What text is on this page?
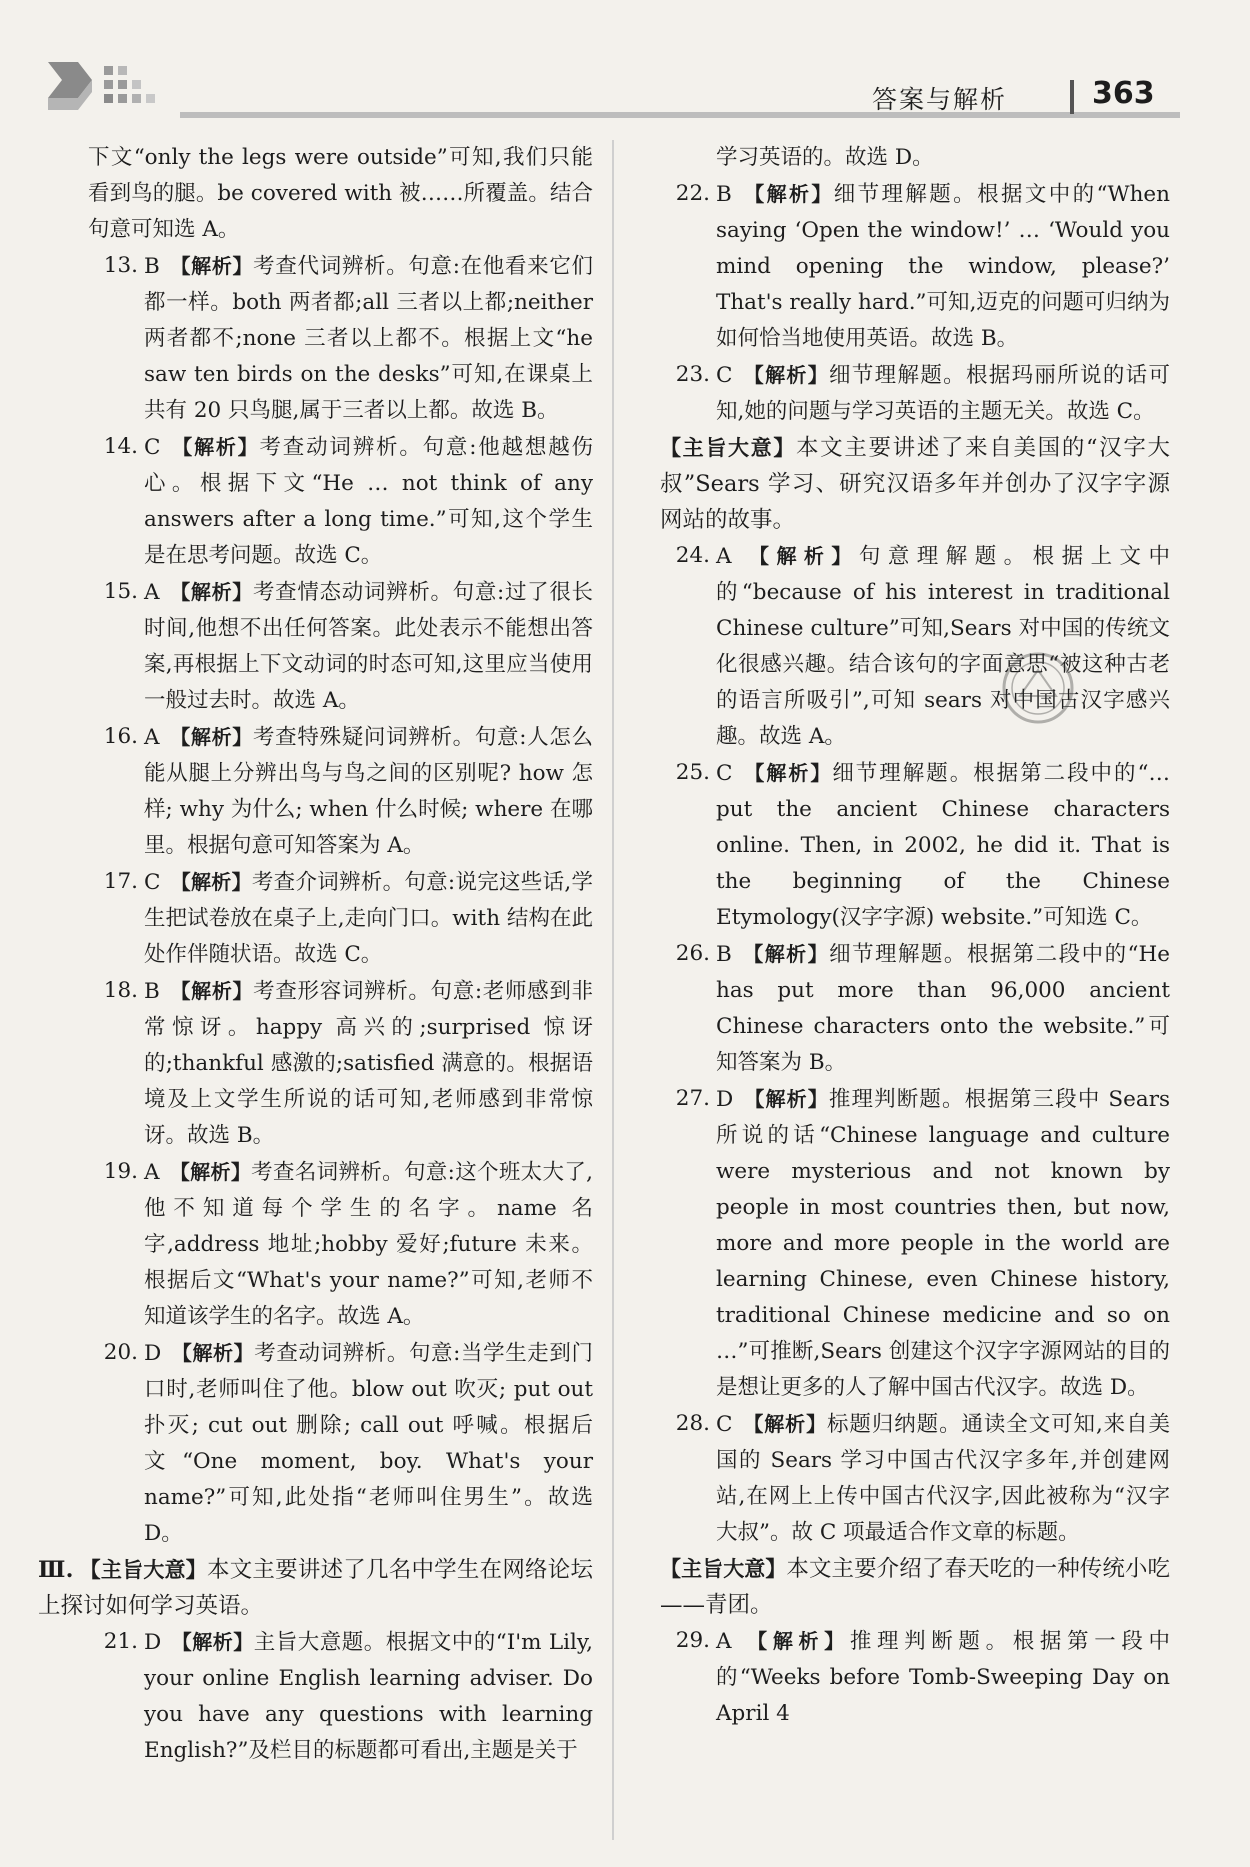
答案与解析	363

下文“only the legs were outside”可知,我们只能看到鸟的腿。be covered with 被……所覆盖。结合句意可知选 A。

13. B 【解析】考查代词辨析。句意:在他看来它们都一样。both 两者都;all 三者以上都;neither 两者都不;none 三者以上都不。根据上文“he saw ten birds on the desks”可知,在课桌上共有 20 只鸟腿,属于三者以上都。故选 B。

14. C 【解析】考查动词辨析。句意:他越想越伤心。根据下文“He … not think of any answers after a long time.”可知,这个学生是在思考问题。故选 C。

15. A 【解析】考查情态动词辨析。句意:过了很长时间,他想不出任何答案。此处表示不能想出答案,再根据上下文动词的时态可知,这里应当使用一般过去时。故选 A。

16. A 【解析】考查特殊疑问词辨析。句意:人怎么能从腿上分辨出鸟与鸟之间的区别呢? how 怎样; why 为什么; when 什么时候; where 在哪里。根据句意可知答案为 A。

17. C 【解析】考查介词辨析。句意:说完这些话,学生把试卷放在桌子上,走向门口。with 结构在此处作伴随状语。故选 C。

18. B 【解析】考查形容词辨析。句意:老师感到非常惊讶。happy 高兴的;surprised 惊讶的;thankful 感激的;satisfied 满意的。根据语境及上文学生所说的话可知,老师感到非常惊讶。故选 B。

19. A 【解析】考查名词辨析。句意:这个班太大了,他不知道每个学生的名字。name 名字,address 地址;hobby 爱好;future 未来。根据后文“What's your name?”可知,老师不知道该学生的名字。故选 A。

20. D 【解析】考查动词辨析。句意:当学生走到门口时,老师叫住了他。blow out 吹灭; put out 扑灭; cut out 删除; call out 呼喊。根据后文“One moment, boy. What's your name?”可知,此处指“老师叫住男生”。故选 D。

Ⅲ. 【主旨大意】本文主要讲述了几名中学生在网络论坛上探讨如何学习英语。

21. D 【解析】主旨大意题。根据文中的“I'm Lily, your online English learning adviser. Do you have any questions with learning English?”及栏目的标题都可看出,主题是关于

学习英语的。故选 D。

22. B 【解析】细节理解题。根据文中的“When saying ‘Open the window!’ … ‘Would you mind opening the window, please?’ That's really hard.”可知,迈克的问题可归纳为如何恰当地使用英语。故选 B。

23. C 【解析】细节理解题。根据玛丽所说的话可知,她的问题与学习英语的主题无关。故选 C。

【主旨大意】本文主要讲述了来自美国的“汉字大叔”Sears 学习、研究汉语多年并创办了汉字字源网站的故事。

24. A 【解析】句意理解题。根据上文中的“because of his interest in traditional Chinese culture”可知,Sears 对中国的传统文化很感兴趣。结合该句的字面意思“被这种古老的语言所吸引”,可知 sears 对中国古汉字感兴趣。故选 A。

25. C 【解析】细节理解题。根据第二段中的“… put the ancient Chinese characters online. Then, in 2002, he did it. That is the beginning of the Chinese Etymology(汉字字源) website.”可知选 C。

26. B 【解析】细节理解题。根据第二段中的“He has put more than 96,000 ancient Chinese characters onto the website.”可知答案为 B。

27. D 【解析】推理判断题。根据第三段中 Sears 所说的话“Chinese language and culture were mysterious and not known by people in most countries then, but now, more and more people in the world are learning Chinese, even Chinese history, traditional Chinese medicine and so on …”可推断,Sears 创建这个汉字字源网站的目的是想让更多的人了解中国古代汉字。故选 D。

28. C 【解析】标题归纳题。通读全文可知,来自美国的 Sears 学习中国古代汉字多年,并创建网站,在网上上传中国古代汉字,因此被称为“汉字大叔”。故 C 项最适合作文章的标题。

【主旨大意】本文主要介绍了春天吃的一种传统小吃——青团。

29. A 【解析】推理判断题。根据第一段中的“Weeks before Tomb-Sweeping Day on April 4
